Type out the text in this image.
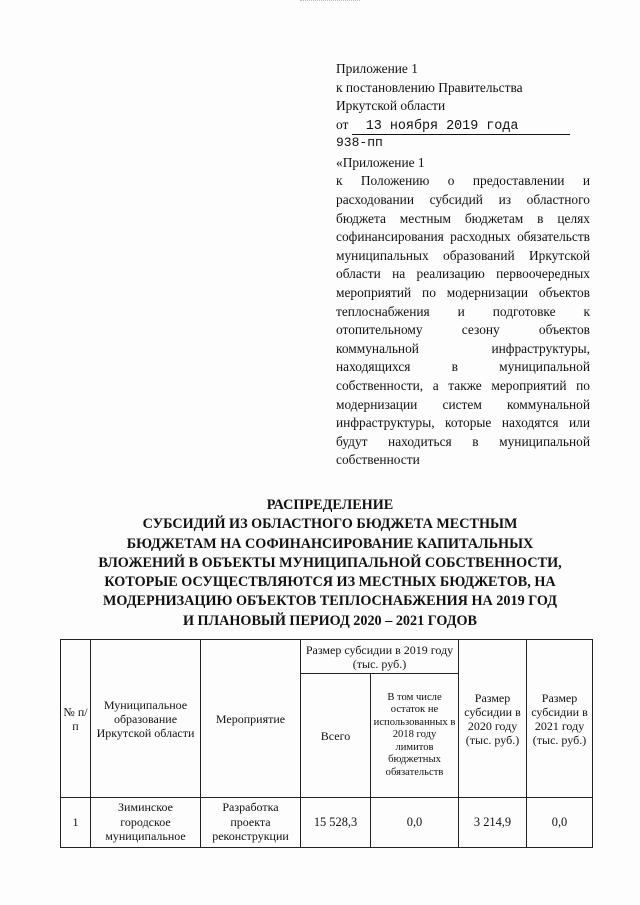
Приложение 1
к постановлению Правительства
Иркутской области
от 13 ноября 2019 года
938-пп
«Приложение 1
к Положению о предоставлении и расходовании субсидий из областного бюджета местным бюджетам в целях софинансирования расходных обязательств муниципальных образований Иркутской области на реализацию первоочередных мероприятий по модернизации объектов теплоснабжения и подготовке к отопительному сезону объектов коммунальной инфраструктуры, находящихся в муниципальной собственности, а также мероприятий по модернизации систем коммунальной инфраструктуры, которые находятся или будут находиться в муниципальной собственности
РАСПРЕДЕЛЕНИЕ
СУБСИДИЙ ИЗ ОБЛАСТНОГО БЮДЖЕТА МЕСТНЫМ
БЮДЖЕТАМ НА СОФИНАНСИРОВАНИЕ КАПИТАЛЬНЫХ
ВЛОЖЕНИЙ В ОБЪЕКТЫ МУНИЦИПАЛЬНОЙ СОБСТВЕННОСТИ,
КОТОРЫЕ ОСУЩЕСТВЛЯЮТСЯ ИЗ МЕСТНЫХ БЮДЖЕТОВ, НА
МОДЕРНИЗАЦИЮ ОБЪЕКТОВ ТЕПЛОСНАБЖЕНИЯ НА 2019 ГОД
И ПЛАНОВЫЙ ПЕРИОД 2020 – 2021 ГОДОВ
№ п/п	Муниципальное образование Иркутской области	Мероприятие	Размер субсидии в 2019 году (тыс. руб.)		Размер субсидии в 2020 году (тыс. руб.)	Размер субсидии в 2021 году (тыс. руб.)
			Всего	В том числе остаток не использованных в 2018 году лимитов бюджетных обязательств		
1	Зиминское городское муниципальное	Разработка проекта реконструкции	15 528,3	0,0	3 214,9	0,0
